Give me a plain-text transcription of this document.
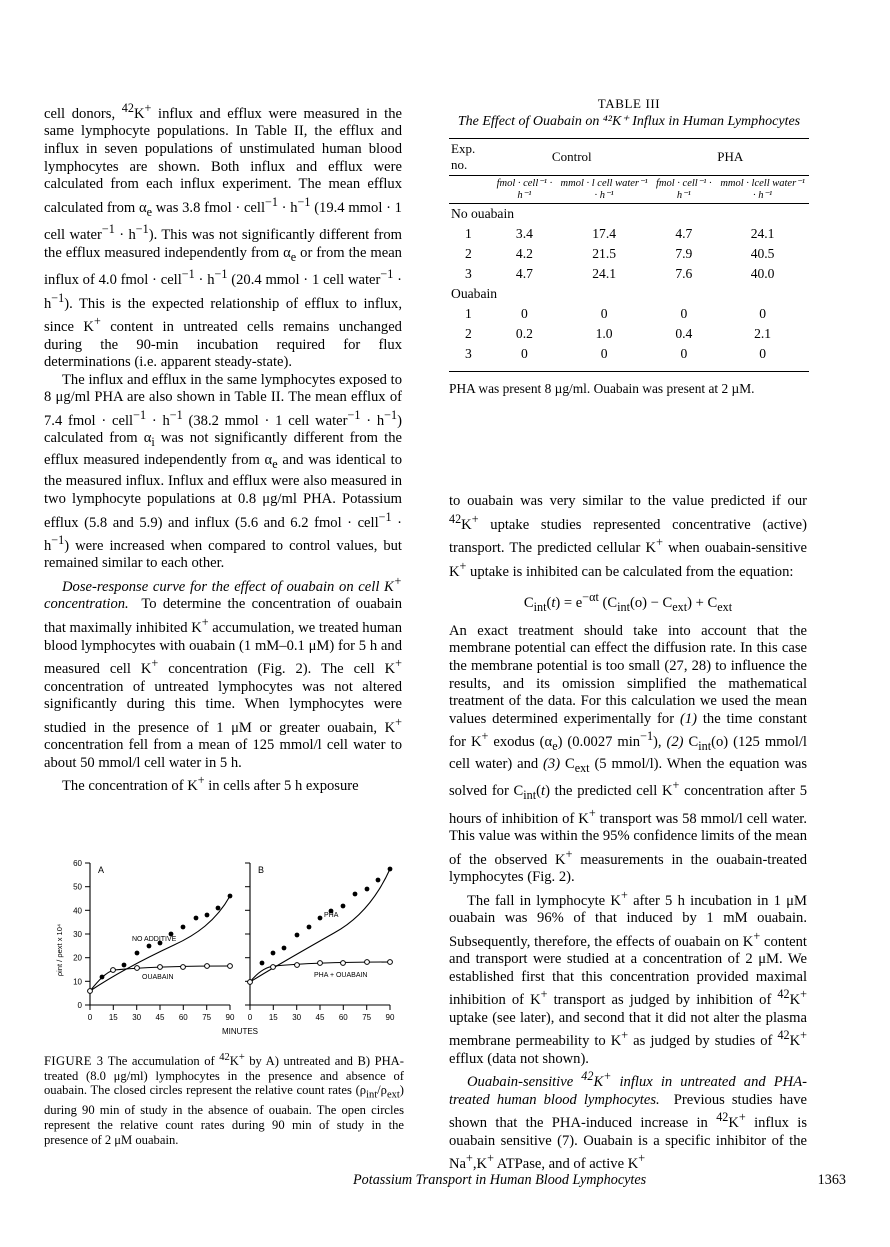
cell donors, $^{42}$K+ influx and efflux were measured in the same lymphocyte populations. In Table II, the efflux and influx in seven populations of unstimulated human blood lymphocytes are shown. Both influx and efflux were calculated from each influx experiment. The mean efflux calculated from $\alpha_e$ was 3.8 fmol · cell$^{-1}$ · $h^{-1}$ (19.4 mmol · 1 cell water$^{-1}$ · $h^{-1}$). This was not significantly different from the efflux measured independently from $\alpha_e$ or from the mean influx of 4.0 fmol · cell$^{-1}$ · $h^{-1}$ (20.4 mmol · 1 cell water$^{-1}$ · $h^{-1}$). This is the expected relationship of efflux to influx, since K+ content in untreated cells remains unchanged during the 90-min incubation required for flux determinations (i.e. apparent steady-state).

The influx and efflux in the same lymphocytes exposed to 8 μg/ml PHA are also shown in Table II. The mean efflux of 7.4 fmol · cell$^{-1}$ · $h^{-1}$ (38.2 mmol · 1 cell water$^{-1}$ · $h^{-1}$) calculated from $\alpha_i$ was not significantly different from the efflux measured independently from $\alpha_e$ and was identical to the measured influx. Influx and efflux were also measured in two lymphocyte populations at 0.8 μg/ml PHA. Potassium efflux (5.8 and 5.9) and influx (5.6 and 6.2 fmol · cell$^{-1}$ · $h^{-1}$) were increased when compared to control values, but remained similar to each other.

Dose-response curve for the effect of ouabain on cell K+ concentration.  To determine the concentration of ouabain that maximally inhibited K+ accumulation, we treated human blood lymphocytes with ouabain (1 mM–0.1 μM) for 5 h and measured cell K+ concentration (Fig. 2). The cell K+ concentration of untreated lymphocytes was not altered significantly during this time. When lymphocytes were studied in the presence of 1 μM or greater ouabain, K+ concentration fell from a mean of 125 mmol/l cell water to about 50 mmol/l cell water in 5 h.

The concentration of K+ in cells after 5 h exposure

TABLE III
The Effect of Ouabain on ⁴²K⁺ Influx in Human Lymphocytes
Exp. no.	Control		PHA	
	fmol · cell⁻¹ · h⁻¹	mmol · l cell water⁻¹ · h⁻¹	fmol · cell⁻¹ · h⁻¹	mmol · lcell water⁻¹ · h⁻¹
No ouabain				
1	3.4	17.4	4.7	24.1
2	4.2	21.5	7.9	40.5
3	4.7	24.1	7.6	40.0
Ouabain				
1	0	0	0	0
2	0.2	1.0	0.4	2.1
3	0	0	0	0

PHA was present 8 µg/ml. Ouabain was present at 2 µM.

to ouabain was very similar to the value predicted if our $^{42}$K+ uptake studies represented concentrative (active) transport. The predicted cellular K+ when ouabain-sensitive K+ uptake is inhibited can be calculated from the equation:

$C_{int}(t) = e^{-\alpha t}$ $(C_{int}(o) - C_{ext}) + C_{ext}$

An exact treatment should take into account that the membrane potential can effect the diffusion rate. In this case the membrane potential is too small (27, 28) to influence the results, and its omission simplified the mathematical treatment of the data. For this calculation we used the mean values determined experimentally for (1) the time constant for K+ exodus $(\alpha_e)$ (0.0027 $\min^{-1}$), (2) $C_{int}(o)$ (125 mmol/l cell water) and (3) $C_{ext}$ (5 mmol/l). When the equation was solved for $C_{int}(t)$ the predicted cell K+ concentration after 5 hours of inhibition of K+ transport was 58 mmol/l cell water. This value was within the 95% confidence limits of the mean of the observed K+ measurements in the ouabain-treated lymphocytes (Fig. 2).

The fall in lymphocyte K+ after 5 h incubation in 1 μM ouabain was 96% of that induced by 1 mM ouabain. Subsequently, therefore, the effects of ouabain on K+ content and transport were studied at a concentration of 2 μM. We established first that this concentration provided maximal inhibition of K+ transport as judged by inhibition of $^{42}$K+ uptake (see later), and second that it did not alter the plasma membrane permeability to K+ as judged by studies of $^{42}$K+ efflux (data not shown).

Ouabain-sensitive $^{42}$K+ influx in untreated and PHA-treated human blood lymphocytes.  Previous studies have shown that the PHA-induced increase in $^{42}$K+ influx is ouabain sensitive (7). Ouabain is a specific inhibitor of the Na+,K+ ATPase, and of active K+

0
10
20
30
40
50
60
0 15 30 45 60 75 90
ρint / ρext x 10⁴
A
NO ADDITIVE
OUABAIN
0 15 30 45 60 75 90
B
PHA
PHA + OUABAIN
MINUTES
FIGURE 3 The accumulation of $^{42}$K+ by A) untreated and B) PHA-treated (8.0 μg/ml) lymphocytes in the presence and absence of ouabain. The closed circles represent the relative count rates $(\rho_{int}/\rho_{ext})$ during 90 min of study in the absence of ouabain. The open circles represent the relative count rates during 90 min of study in the presence of 2 μM ouabain.
Potassium Transport in Human Blood Lymphocytes	1363
